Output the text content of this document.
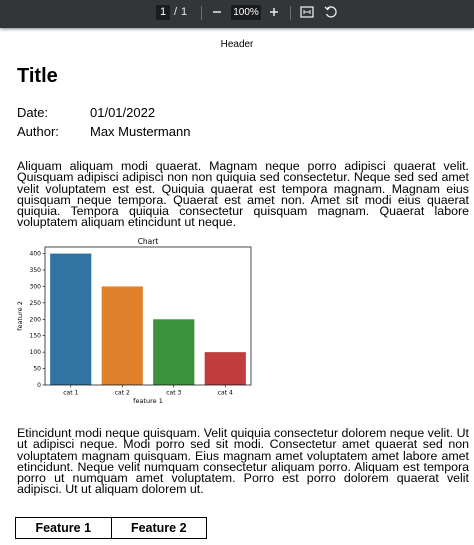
1 / 1	100%
Header
Title
Date:	01/01/2022
Author: Max Mustermann

Aliquam aliquam modi quaerat. Magnam neque porro adipisci quaerat velit. Quisquam adipisci adipisci non non quiquia sed consectetur. Neque sed sed amet velit voluptatem est est. Quiquia quaerat est tempora magnam. Magnam eius quisquam neque tempora. Quaerat est amet non. Amet sit modi eius quaerat quiquia. Tempora quiquia consectetur quisquam magnam. Quaerat labore voluptatem aliquam etincidunt ut neque.

Chart
cat 1	cat 2	cat 3	cat 4
0
50
100
150
200
250
300
350
400
feature 1
feature 2

Etincidunt modi neque quisquam. Velit quiquia consectetur dolorem neque velit. Ut ut adipisci neque. Modi porro sed sit modi. Consectetur amet quaerat sed non voluptatem magnam quisquam. Eius magnam amet voluptatem amet labore amet etincidunt. Neque velit numquam consectetur aliquam porro. Aliquam est tempora porro ut numquam amet voluptatem. Porro est porro dolorem quaerat velit adipisci. Ut ut aliquam dolorem ut.

Feature 1	Feature 2
